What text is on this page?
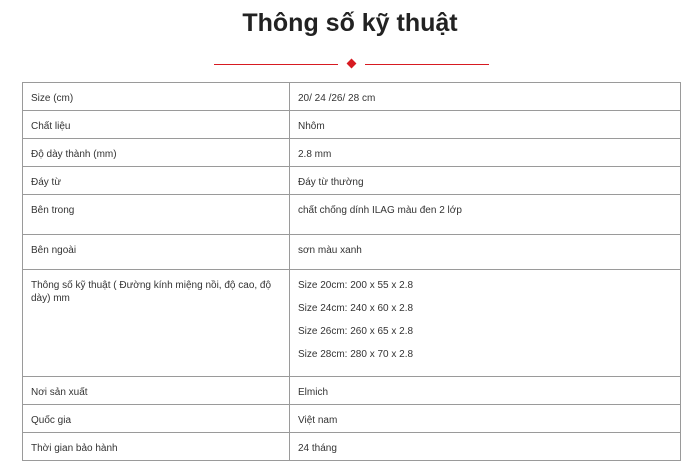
Thông số kỹ thuật
Size (cm)	20/ 24 /26/ 28 cm
Chất liệu	Nhôm
Độ dày thành (mm)	2.8 mm
Đáy từ	Đáy từ thường
Bên trong	chất chống dính ILAG màu đen 2 lớp
Bên ngoài	sơn màu xanh
Thông số kỹ thuật ( Đường kính miệng nồi, độ cao, độ dày) mm	Size 20cm: 200 x 55 x 2.8
Size 24cm: 240 x 60 x 2.8
Size 26cm: 260 x 65 x 2.8
Size 28cm: 280 x 70 x 2.8

Nơi sản xuất	Elmich
Quốc gia	Việt nam
Thời gian bảo hành	24 tháng
